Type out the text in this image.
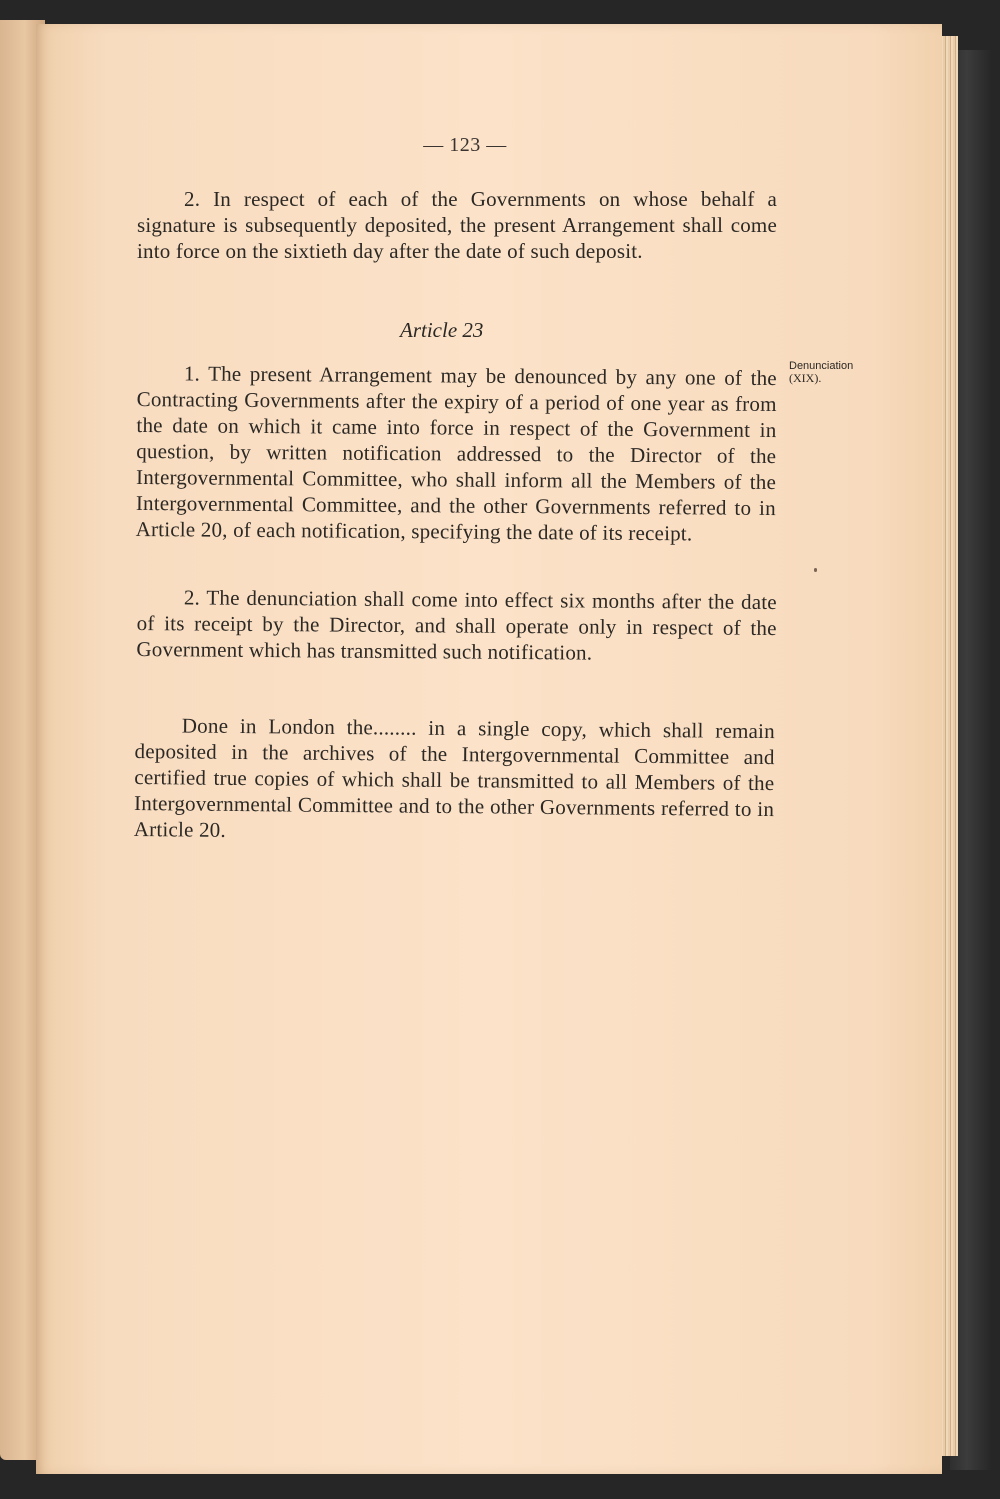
— 123 —

2. In respect of each of the Governments on whose behalf a signature is subsequently deposited, the present Arrangement shall come into force on the sixtieth day after the date of such deposit.

Article 23

1. The present Arrangement may be denounced by any one of the Contracting Governments after the expiry of a period of one year as from the date on which it came into force in respect of the Government in question, by written notification addressed to the Director of the Intergovernmental Committee, who shall inform all the Members of the Intergovernmental Committee, and the other Governments referred to in Article 20, of each notification, specifying the date of its receipt.

Denunciation
(XIX).

2. The denunciation shall come into effect six months after the date of its receipt by the Director, and shall operate only in respect of the Government which has transmitted such notification.

Done in London the........ in a single copy, which shall remain deposited in the archives of the Intergovernmental Committee and certified true copies of which shall be transmitted to all Members of the Intergovernmental Committee and to the other Governments referred to in Article 20.
